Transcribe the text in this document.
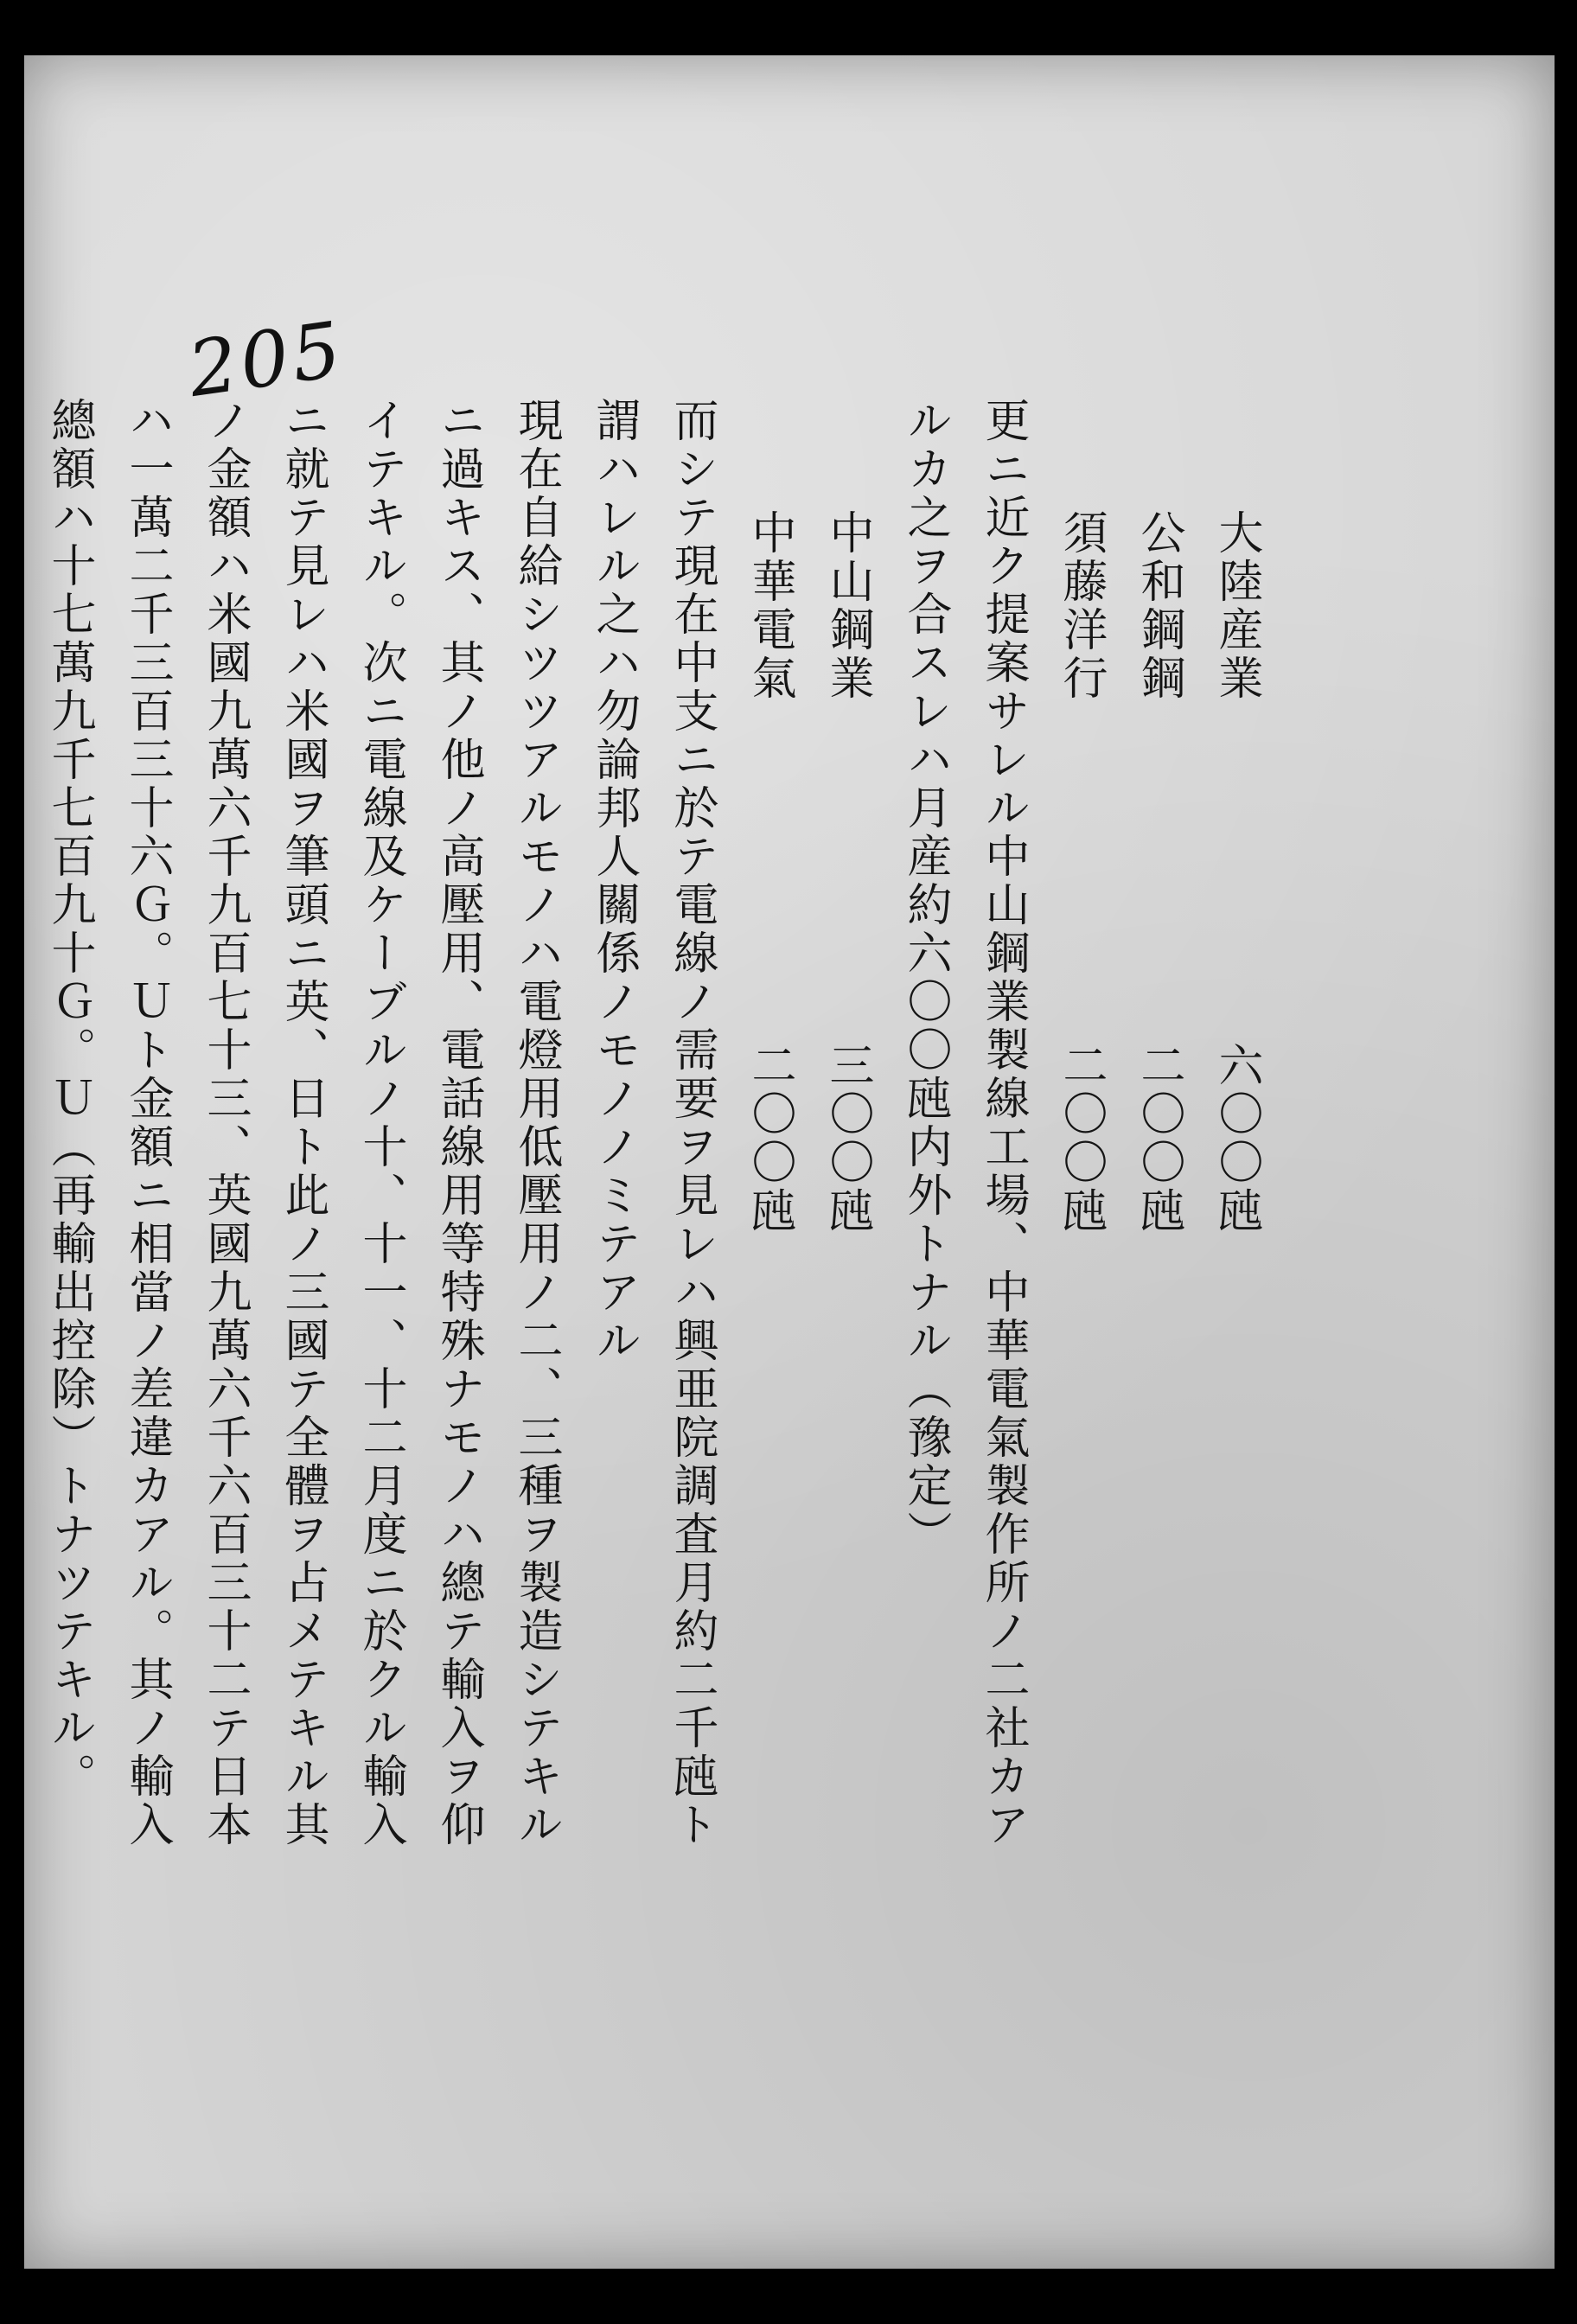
205
大陸産業　　　　　　　六〇〇瓲
公和鋼鋼　　　　　　　二〇〇瓲
須藤洋行　　　　　　　二〇〇瓲
更ニ近ク提案サレル中山鋼業製線工場、中華電氣製作所ノ二社カア
ルカ之ヲ合スレハ月産約六〇〇瓲内外トナル（豫定）
中山鋼業　　　　　　　三〇〇瓲
中華電氣　　　　　　　二〇〇瓲
而シテ現在中支ニ於テ電線ノ需要ヲ見レハ興亜院調査月約二千瓲ト
謂ハレル之ハ勿論邦人關係ノモノノミテアル
現在自給シツツアルモノハ電燈用低壓用ノ二、三種ヲ製造シテキル
ニ過キス、其ノ他ノ高壓用、電話線用等特殊ナモノハ總テ輸入ヲ仰
イテキル。次ニ電線及ケーブルノ十、十一、十二月度ニ於クル輸入
ニ就テ見レハ米國ヲ筆頭ニ英、日ト此ノ三國テ全體ヲ占メテキル其
ノ金額ハ米國九萬六千九百七十三、英國九萬六千六百三十二テ日本
ハ一萬二千三百三十六Ｇ。Ｕト金額ニ相當ノ差違カアル。其ノ輸入
總額ハ十七萬九千七百九十Ｇ。Ｕ（再輸出控除）トナツテキル。
